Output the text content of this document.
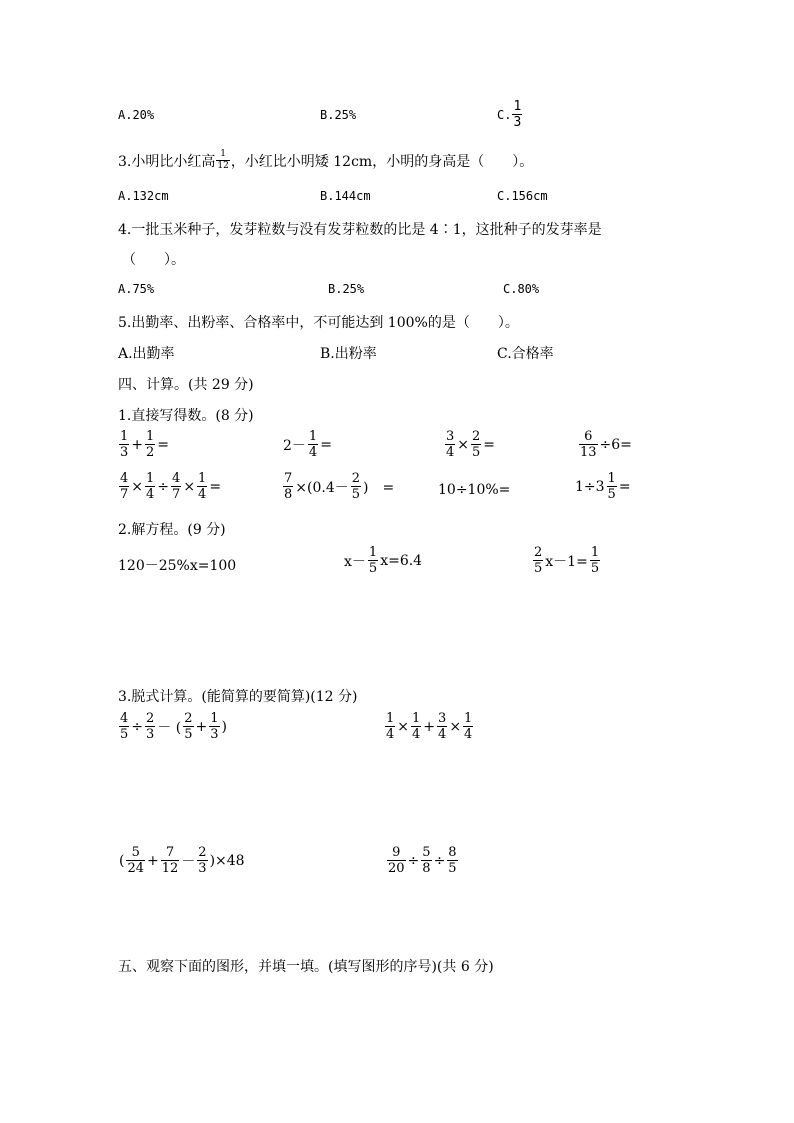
A.20%	B.25%	C. $\frac{1}{3}$
3.小明比小红高 $\frac{1}{12}$ ，小红比小明矮 12cm，小明的身高是（　　）。
A.132cm	B.144cm	C.156cm
4.一批玉米种子，发芽粒数与没有发芽粒数的比是 4∶1，这批种子的发芽率是
（　　）。
A.75%	B.25%	C.80%
5.出勤率、出粉率、合格率中，不可能达到 100%的是（　　）。
A.出勤率	B.出粉率	C.合格率
四、计算。(共 29 分)
1.直接写得数。(8 分)
$\frac{1}{3} + \frac{1}{2}$ =	$2- \frac{1}{4}$ =	$\frac{3}{4} \times \frac{2}{5}$ =	$\frac{6}{13} \div 6=$
$\frac{4}{7} \times \frac{1}{4} \div \frac{4}{7} \times \frac{1}{4}$ =	$\frac{7}{8} \times(0.4- \frac{2}{5}$ )　=	10÷10%=	$1\div 3 \frac{1}{5}$ =
2.解方程。(9 分)
120－25%x=100	$x- \frac{1}{5} x=6.4$	$\frac{2}{5} x-1= \frac{1}{5}$
3.脱式计算。(能简算的要简算)(12 分)
$\frac{4}{5} \div \frac{2}{3}$ － ( $\frac{2}{5} + \frac{1}{3}$ )	$\frac{1}{4} \times \frac{1}{4} + \frac{3}{4} \times \frac{1}{4}$
( $\frac{5}{24} + \frac{7}{12} - \frac{2}{3} )\times 48$	$\frac{9}{20} \div \frac{5}{8} \div \frac{8}{5}$
五、观察下面的图形，并填一填。(填写图形的序号)(共 6 分)
